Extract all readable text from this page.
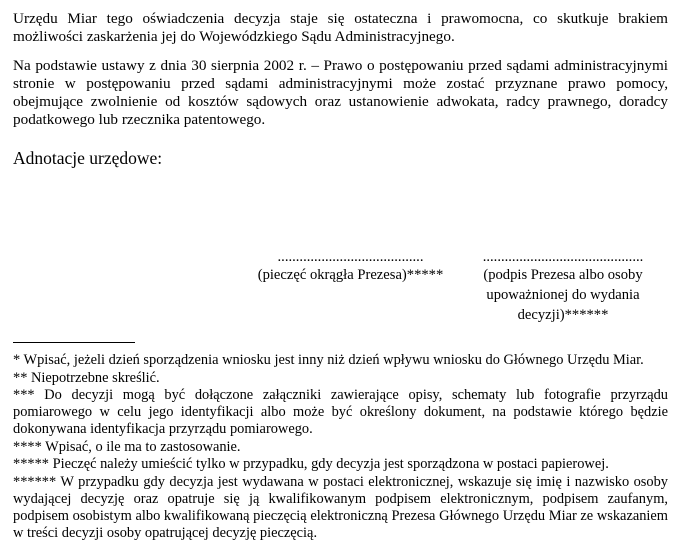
Urzędu Miar tego oświadczenia decyzja staje się ostateczna i prawomocna, co skutkuje brakiem możliwości zaskarżenia jej do Wojewódzkiego Sądu Administracyjnego.

Na podstawie ustawy z dnia 30 sierpnia 2002 r. – Prawo o postępowaniu przed sądami administracyjnymi stronie w postępowaniu przed sądami administracyjnymi może zostać przyznane prawo pomocy, obejmujące zwolnienie od kosztów sądowych oraz ustanowienie adwokata, radcy prawnego, doradcy podatkowego lub rzecznika patentowego.

Adnotacje urzędowe:

........................................
(pieczęć okrągła Prezesa)*****
............................................
(podpis Prezesa albo osoby upoważnionej do wydania decyzji)******

* Wpisać, jeżeli dzień sporządzenia wniosku jest inny niż dzień wpływu wniosku do Głównego Urzędu Miar.

** Niepotrzebne skreślić.

*** Do decyzji mogą być dołączone załączniki zawierające opisy, schematy lub fotografie przyrządu pomiarowego w celu jego identyfikacji albo może być określony dokument, na podstawie którego będzie dokonywana identyfikacja przyrządu pomiarowego.

**** Wpisać, o ile ma to zastosowanie.

***** Pieczęć należy umieścić tylko w przypadku, gdy decyzja jest sporządzona w postaci papierowej.

****** W przypadku gdy decyzja jest wydawana w postaci elektronicznej, wskazuje się imię i nazwisko osoby wydającej decyzję oraz opatruje się ją kwalifikowanym podpisem elektronicznym, podpisem zaufanym, podpisem osobistym albo kwalifikowaną pieczęcią elektroniczną Prezesa Głównego Urzędu Miar ze wskazaniem w treści decyzji osoby opatrującej decyzję pieczęcią.
